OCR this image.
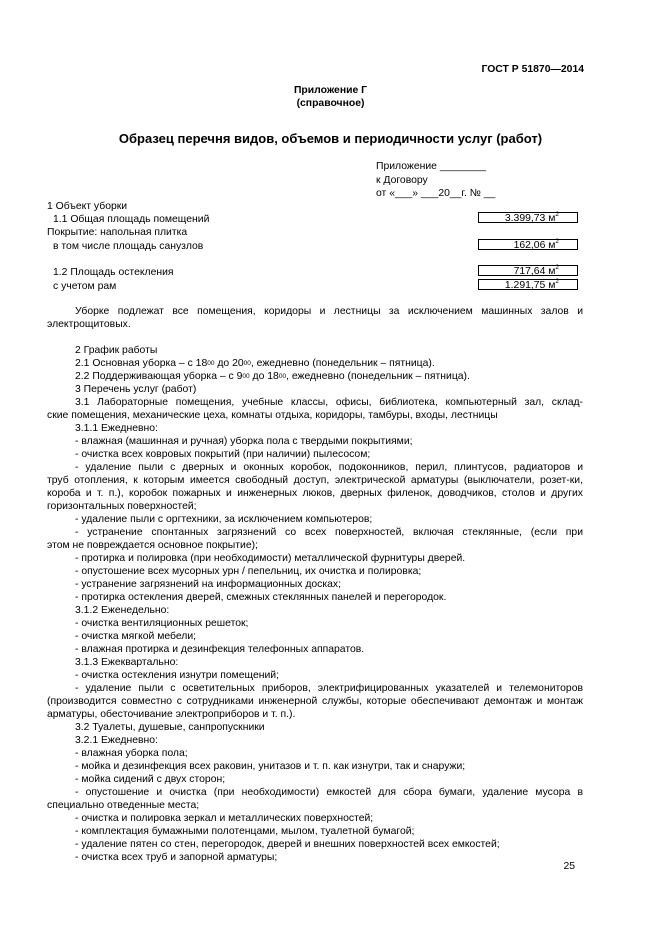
ГОСТ Р 51870—2014
Приложение Г
(справочное)
Образец перечня видов, объемов и периодичности услуг (работ)
Приложение ________
к Договору
от «___» ___20__г. № __
1 Объект уборки
1.1 Общая площадь помещений	3.399,73 $м^2$
Покрытие: напольная плитка
в том числе площадь санузлов	162,06 $м^2$
1.2 Площадь остекления	717,64 $м^2$
с учетом рам	1.291,75 $м^2$
Уборке подлежат все помещения, коридоры и лестницы за исключением машинных залов и электрощитовых.
2 График работы
2.1 Основная уборка – с $18^{00}$ до $20^{00}$, ежедневно (понедельник – пятница).
2.2 Поддерживающая уборка – с $9^{00}$ до $18^{00}$, ежедневно (понедельник – пятница).
3 Перечень услуг (работ)
3.1 Лабораторные помещения, учебные классы, офисы, библиотека, компьютерный зал, склад-
ские помещения, механические цеха, комнаты отдыха, коридоры, тамбуры, входы, лестницы
3.1.1 Ежедневно:
- влажная (машинная и ручная) уборка пола с твердыми покрытиями;
- очистка всех ковровых покрытий (при наличии) пылесосом;
- удаление пыли с дверных и оконных коробок, подоконников, перил, плинтусов, радиаторов и
труб отопления, к которым имеется свободный доступ, электрической арматуры (выключатели, розет-ки, короба и т. п.), коробок пожарных и инженерных люков, дверных филенок, доводчиков, столов и других горизонтальных поверхностей;
- удаление пыли с оргтехники, за исключением компьютеров;
- устранение спонтанных загрязнений со всех поверхностей, включая стеклянные, (если при
этом не повреждается основное покрытие);
- протирка и полировка (при необходимости) металлической фурнитуры дверей.
- опустошение всех мусорных урн / пепельниц, их очистка и полировка;
- устранение загрязнений на информационных досках;
- протирка остекления дверей, смежных стеклянных панелей и перегородок.
3.1.2 Еженедельно:
- очистка вентиляционных решеток;
- очистка мягкой мебели;
- влажная протирка и дезинфекция телефонных аппаратов.
3.1.3 Ежеквартально:
- очистка остекления изнутри помещений;
- удаление пыли с осветительных приборов, электрифицированных указателей и телемониторов
(производится совместно с сотрудниками инженерной службы, которые обеспечивают демонтаж и монтаж арматуры, обесточивание электроприборов и т. п.).
3.2 Туалеты, душевые, санпропускники
3.2.1 Ежедневно:
- влажная уборка пола;
- мойка и дезинфекция всех раковин, унитазов и т. п. как изнутри, так и снаружи;
- мойка сидений с двух сторон;
- опустошение и очистка (при необходимости) емкостей для сбора бумаги, удаление мусора в
специально отведенные места;
- очистка и полировка зеркал и металлических поверхностей;
- комплектация бумажными полотенцами, мылом, туалетной бумагой;
- удаление пятен со стен, перегородок, дверей и внешних поверхностей всех емкостей;
- очистка всех труб и запорной арматуры;
25
